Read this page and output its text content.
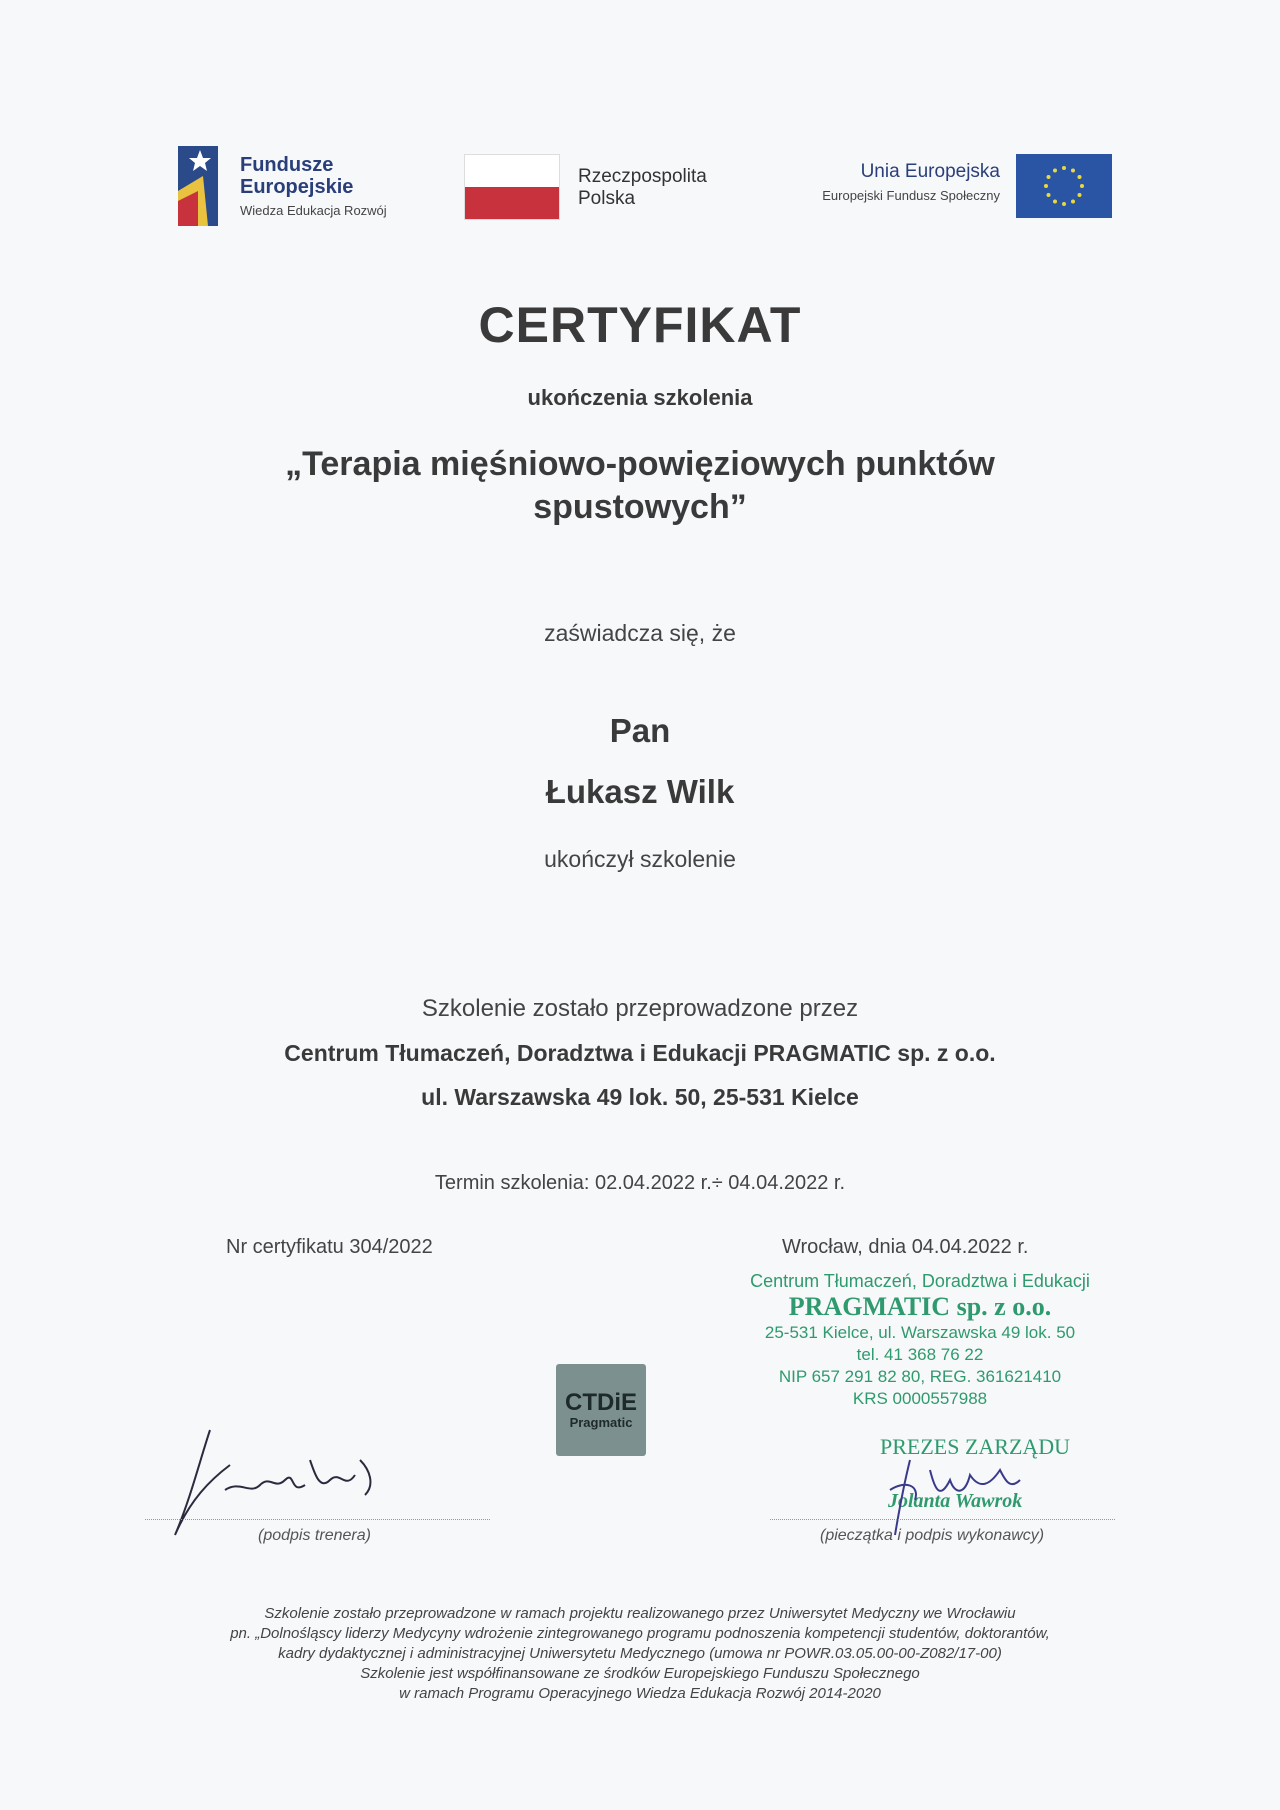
Fundusze
Europejskie
Wiedza Edukacja Rozwój
Rzeczpospolita
Polska
Unia Europejska
Europejski Fundusz Społeczny
CERTYFIKAT
ukończenia szkolenia
„Terapia mięśniowo-powięziowych punktów
spustowych”
zaświadcza się, że
Pan
Łukasz Wilk
ukończył szkolenie
Szkolenie zostało przeprowadzone przez
Centrum Tłumaczeń, Doradztwa i Edukacji PRAGMATIC sp. z o.o.
ul. Warszawska 49 lok. 50, 25-531 Kielce
Termin szkolenia: 02.04.2022 r.÷ 04.04.2022 r.
Nr certyfikatu 304/2022	Wrocław, dnia 04.04.2022 r.
Centrum Tłumaczeń, Doradztwa i Edukacji
PRAGMATIC sp. z o.o.
25-531 Kielce, ul. Warszawska 49 lok. 50
tel. 41 368 76 22
NIP 657 291 82 80, REG. 361621410
KRS 0000557988
PREZES ZARZĄDU
Jolanta Wawrok
CTDiE
Pragmatic
(podpis trenera)	(pieczątka i podpis wykonawcy)
Szkolenie zostało przeprowadzone w ramach projektu realizowanego przez Uniwersytet Medyczny we Wrocławiu
pn. „Dolnośląscy liderzy Medycyny wdrożenie zintegrowanego programu podnoszenia kompetencji studentów, doktorantów,
kadry dydaktycznej i administracyjnej Uniwersytetu Medycznego (umowa nr POWR.03.05.00-00-Z082/17-00)
Szkolenie jest współfinansowane ze środków Europejskiego Funduszu Społecznego
w ramach Programu Operacyjnego Wiedza Edukacja Rozwój 2014-2020
